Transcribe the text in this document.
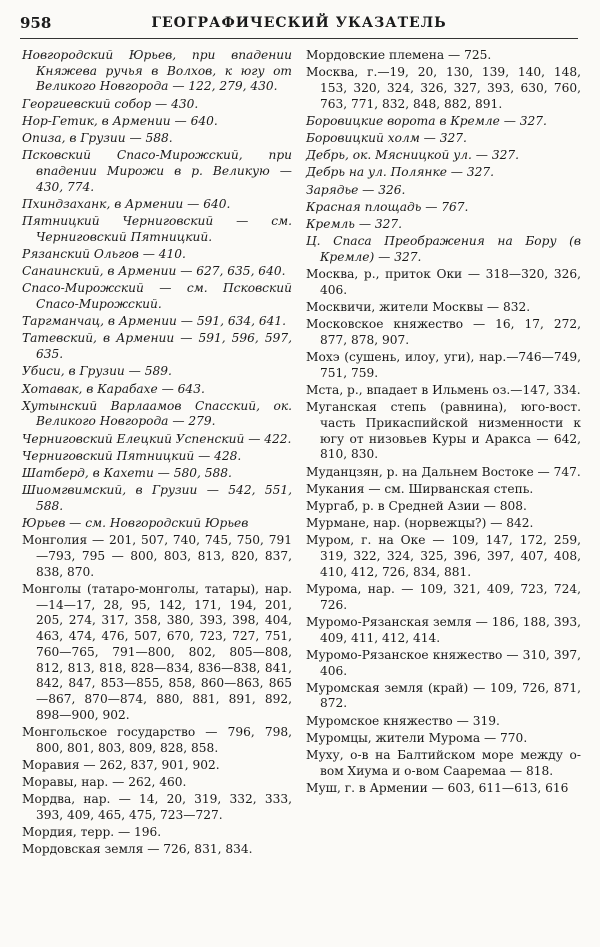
958	ГЕОГРАФИЧЕСКИЙ УКАЗАТЕЛЬ

Новгородский Юрьев, при впадении Княжева ручья в Волхов, к югу от Великого Новгорода — 122, 279, 430.

Георгиевский собор — 430.

Нор-Гетик, в Армении — 640.

Опиза, в Грузии — 588.

Псковский Спасо-Мирожский, при впадении Мирожи в р. Великую — 430, 774.

Пхиндзаханк, в Армении — 640.

Пятницкий Черниговский — см. Черниговский Пятницкий.

Рязанский Ольгов — 410.

Санаинский, в Армении — 627, 635, 640.

Спасо-Мирожский — см. Псковский Спасо-Мирожский.

Таргманчац, в Армении — 591, 634, 641.

Татевский, в Армении — 591, 596, 597, 635.

Убиси, в Грузии — 589.

Хотавак, в Карабахе — 643.

Хутынский Варлаамов Спасский, ок. Великого Новгорода — 279.

Черниговский Елецкий Успенский — 422.

Черниговский Пятницкий — 428.

Шатберд, в Кахети — 580, 588.

Шиомгвимский, в Грузии — 542, 551, 588.

Юрьев — см. Новгородский Юрьев

Монголия — 201, 507, 740, 745, 750, 791—793, 795 — 800, 803, 813, 820, 837, 838, 870.

Монголы (татаро-монголы, татары), нар. —14—17, 28, 95, 142, 171, 194, 201, 205, 274, 317, 358, 380, 393, 398, 404, 463, 474, 476, 507, 670, 723, 727, 751, 760—765, 791—800, 802, 805—808, 812, 813, 818, 828—834, 836—838, 841, 842, 847, 853—855, 858, 860—863, 865—867, 870—874, 880, 881, 891, 892, 898—900, 902.

Монгольское государство — 796, 798, 800, 801, 803, 809, 828, 858.

Моравия — 262, 837, 901, 902.

Моравы, нар. — 262, 460.

Мордва, нар. — 14, 20, 319, 332, 333, 393, 409, 465, 475, 723—727.

Мордия, терр. — 196.

Мордовская земля — 726, 831, 834.

Мордовские племена — 725.

Москва, г.—19, 20, 130, 139, 140, 148, 153, 320, 324, 326, 327, 393, 630, 760, 763, 771, 832, 848, 882, 891.

Боровицкие ворота в Кремле — 327.

Боровицкий холм — 327.

Дебрь, ок. Мясницкой ул. — 327.

Дебрь на ул. Полянке — 327.

Зарядье — 326.

Красная площадь — 767.

Кремль — 327.

Ц. Спаса Преображения на Бору (в Кремле) — 327.

Москва, р., приток Оки — 318—320, 326, 406.

Москвичи, жители Москвы — 832.

Московское княжество — 16, 17, 272, 877, 878, 907.

Мохэ (сушень, илоу, уги), нар.—746—749, 751, 759.

Мста, р., впадает в Ильмень оз.—147, 334.

Муганская степь (равнина), юго-вост. часть Прикаспийской низменности к югу от низовьев Куры и Аракса — 642, 810, 830.

Муданцзян, р. на Дальнем Востоке — 747.

Мукания — см. Ширванская степь.

Мургаб, р. в Средней Азии — 808.

Мурмане, нар. (норвежцы?) — 842.

Муром, г. на Оке — 109, 147, 172, 259, 319, 322, 324, 325, 396, 397, 407, 408, 410, 412, 726, 834, 881.

Мурома, нар. — 109, 321, 409, 723, 724, 726.

Муромо-Рязанская земля — 186, 188, 393, 409, 411, 412, 414.

Муромо-Рязанское княжество — 310, 397, 406.

Муромская земля (край) — 109, 726, 871, 872.

Муромское княжество — 319.

Муромцы, жители Мурома — 770.

Муху, о-в на Балтийском море между о-вом Хиума и о-вом Сааремаа — 818.

Муш, г. в Армении — 603, 611—613, 616
